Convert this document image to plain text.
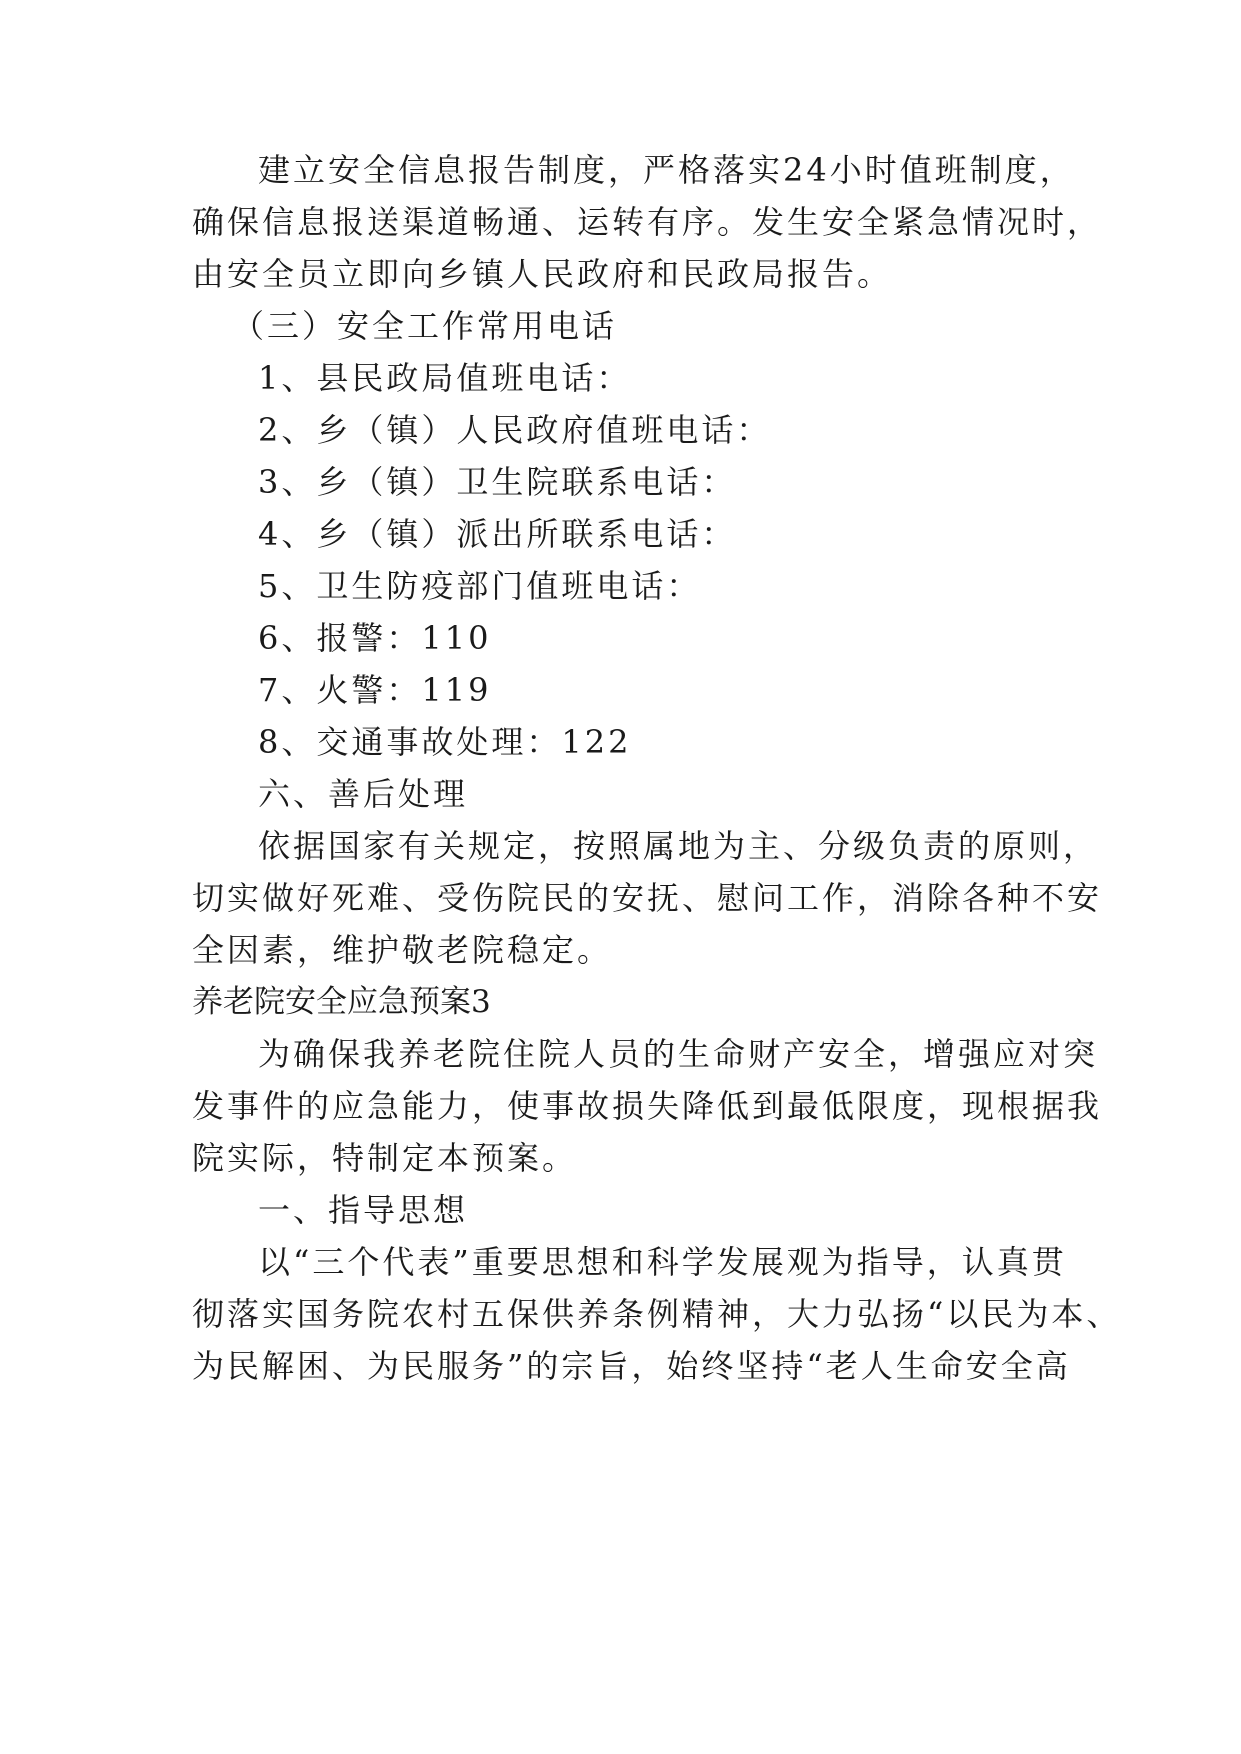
建立安全信息报告制度，严格落实24小时值班制度，
确保信息报送渠道畅通、运转有序。发生安全紧急情况时，
由安全员立即向乡镇人民政府和民政局报告。
（三）安全工作常用电话
1、县民政局值班电话：
2、乡（镇）人民政府值班电话：
3、乡（镇）卫生院联系电话：
4、乡（镇）派出所联系电话：
5、卫生防疫部门值班电话：
6、报警：110
7、火警：119
8、交通事故处理：122
六、善后处理
依据国家有关规定，按照属地为主、分级负责的原则，
切实做好死难、受伤院民的安抚、慰问工作，消除各种不安
全因素，维护敬老院稳定。
养老院安全应急预案3
为确保我养老院住院人员的生命财产安全，增强应对突
发事件的应急能力，使事故损失降低到最低限度，现根据我
院实际，特制定本预案。
一、指导思想
以“三个代表”重要思想和科学发展观为指导，认真贯
彻落实国务院农村五保供养条例精神，大力弘扬“以民为本、
为民解困、为民服务”的宗旨，始终坚持“老人生命安全高
